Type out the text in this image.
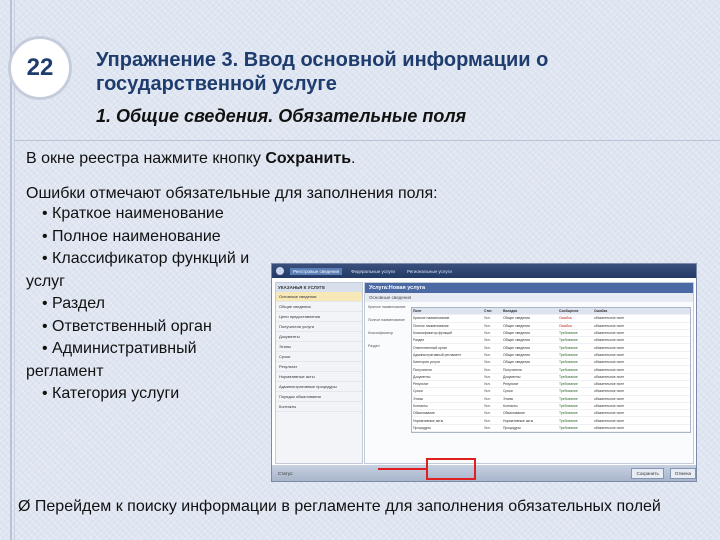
22 Упражнение 3. Ввод основной информации о государственной услуге
1. Общие сведения. Обязательные поля
В окне реестра нажмите кнопку Сохранить.
Ошибки отмечают обязательные для заполнения поля:
• Краткое наименование
• Полное наименование
• Классификатор функций и
услуг
• Раздел
• Ответственный орган
• Административный
регламент
• Категория услуги
Реестровые сведения	Федеральные услуги	Региональные услуги
УКАЗАНЬЯ К УСЛУГЕ
Основные сведения
Общие сведения
Цели предоставления
Получатели услуги
Документы
Этапы
Сроки
Результат
Нормативные акты
Административные процедуры
Порядок обжалования
Контакты
Услуга:Новая услуга
Основные сведения
Краткое наименование
Полное наименование
Классификатор
Раздел
Поле	Стат.	Вкладка	Сообщение	Ошибка
Краткое наименование	Усл.	Общие сведения	Ошибка	обязательное поле
Полное наименование	Усл.	Общие сведения	Ошибка	обязательное поле
Классификатор функций	Усл.	Общие сведения	Требование	обязательное поле
Раздел	Усл.	Общие сведения	Требование	обязательное поле
Ответственный орган	Усл.	Общие сведения	Требование	обязательное поле
Административный регламент	Усл.	Общие сведения	Требование	обязательное поле
Категория услуги	Усл.	Общие сведения	Требование	обязательное поле
Получатели	Усл.	Получатели	Требование	обязательное поле
Документы	Усл.	Документы	Требование	обязательное поле
Результат	Усл.	Результат	Требование	обязательное поле
Сроки	Усл.	Сроки	Требование	обязательное поле
Этапы	Усл.	Этапы	Требование	обязательное поле
Контакты	Усл.	Контакты	Требование	обязательное поле
Обжалование	Усл.	Обжалование	Требование	обязательное поле
Нормативные акты	Усл.	Нормативные акты	Требование	обязательное поле
Процедуры	Усл.	Процедуры	Требование	обязательное поле
Статус:	Сохранить	Отмена
Ø Перейдем к поиску информации в регламенте для заполнения обязательных полей
